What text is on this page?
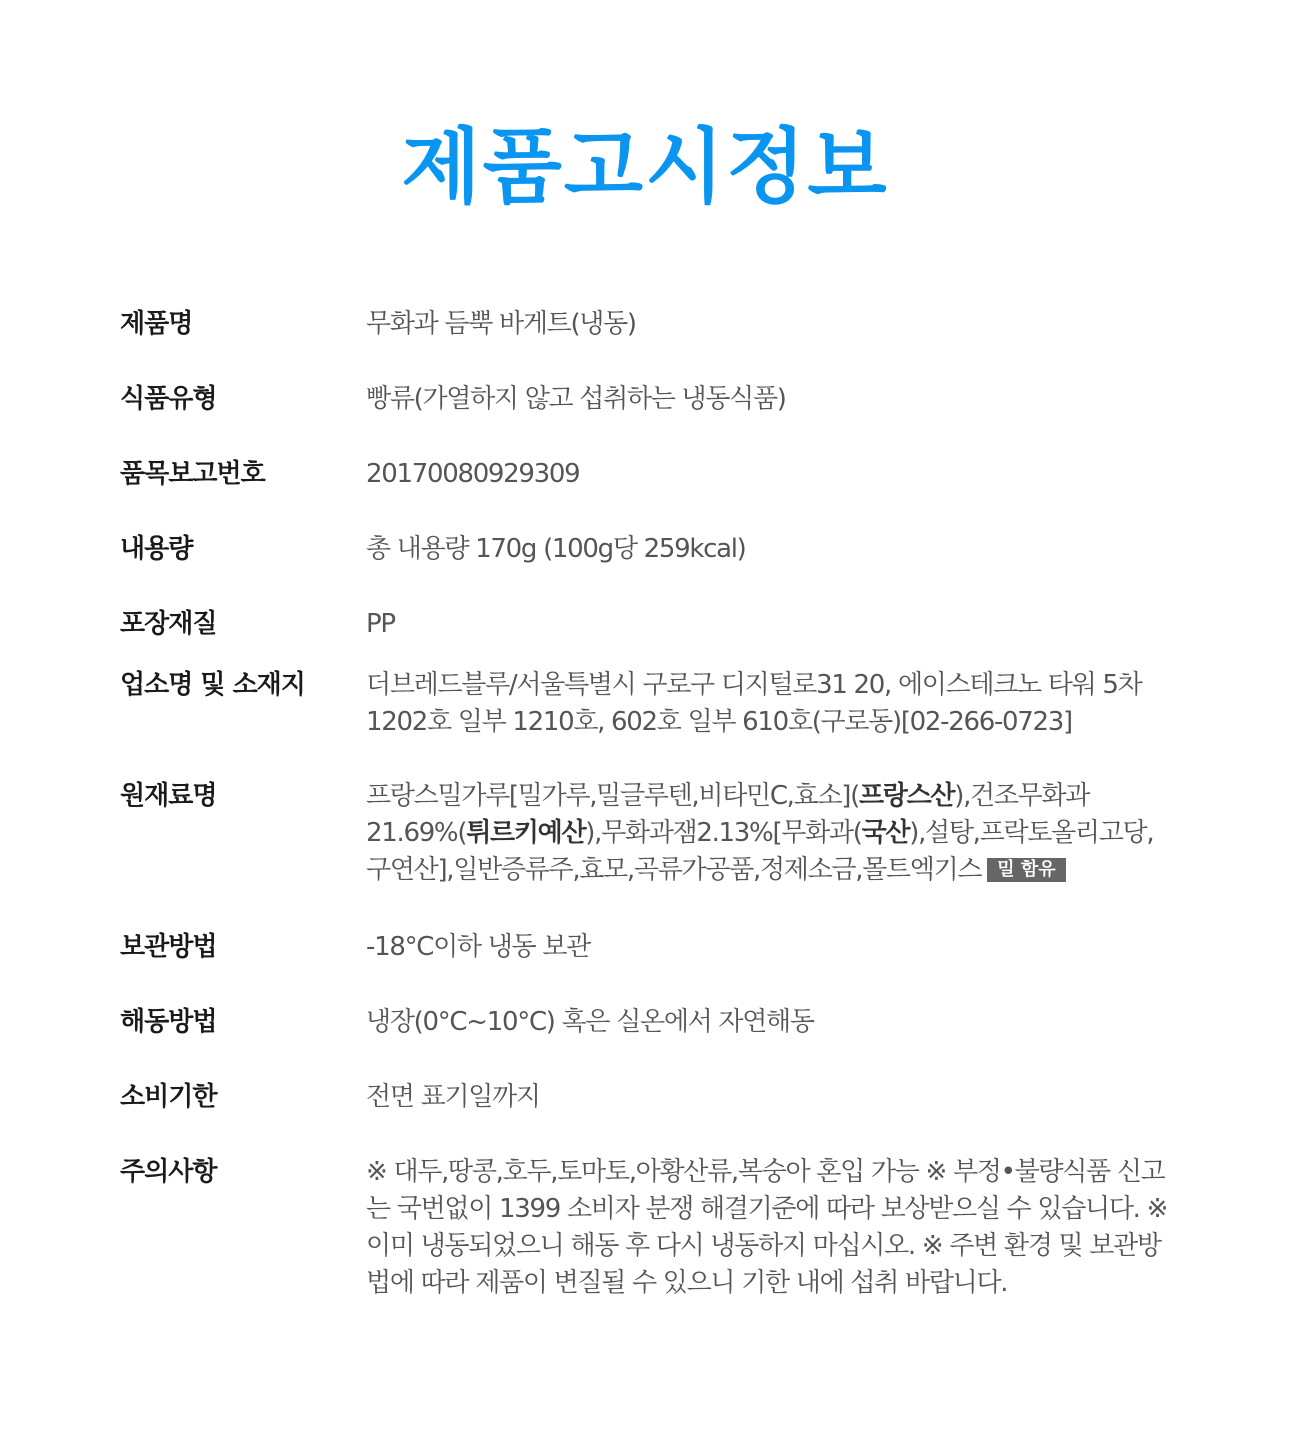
제품고시정보
제품명	무화과 듬뿍 바게트(냉동)
식품유형	빵류(가열하지 않고 섭취하는 냉동식품)
품목보고번호	20170080929309
내용량	총 내용량 170g (100g당 259kcal)
포장재질	PP
업소명 및 소재지	더브레드블루/서울특별시 구로구 디지털로31 20, 에이스테크노 타워 5차 1202호 일부 1210호, 602호 일부 610호(구로동)[02-266-0723]
원재료명	프랑스밀가루[밀가루,밀글루텐,비타민C,효소](프랑스산),건조무화과 21.69%(튀르키예산),무화과잼2.13%[무화과(국산),설탕,프락토올리고당,구연산],일반증류주,효모,곡류가공품,정제소금,몰트엑기스 밀 함유
보관방법	-18°C이하 냉동 보관
해동방법	냉장(0°C~10°C) 혹은 실온에서 자연해동
소비기한	전면 표기일까지
주의사항	※ 대두,땅콩,호두,토마토,아황산류,복숭아 혼입 가능 ※ 부정•불량식품 신고는 국번없이 1399 소비자 분쟁 해결기준에 따라 보상받으실 수 있습니다. ※ 이미 냉동되었으니 해동 후 다시 냉동하지 마십시오. ※ 주변 환경 및 보관방법에 따라 제품이 변질될 수 있으니 기한 내에 섭취 바랍니다.
